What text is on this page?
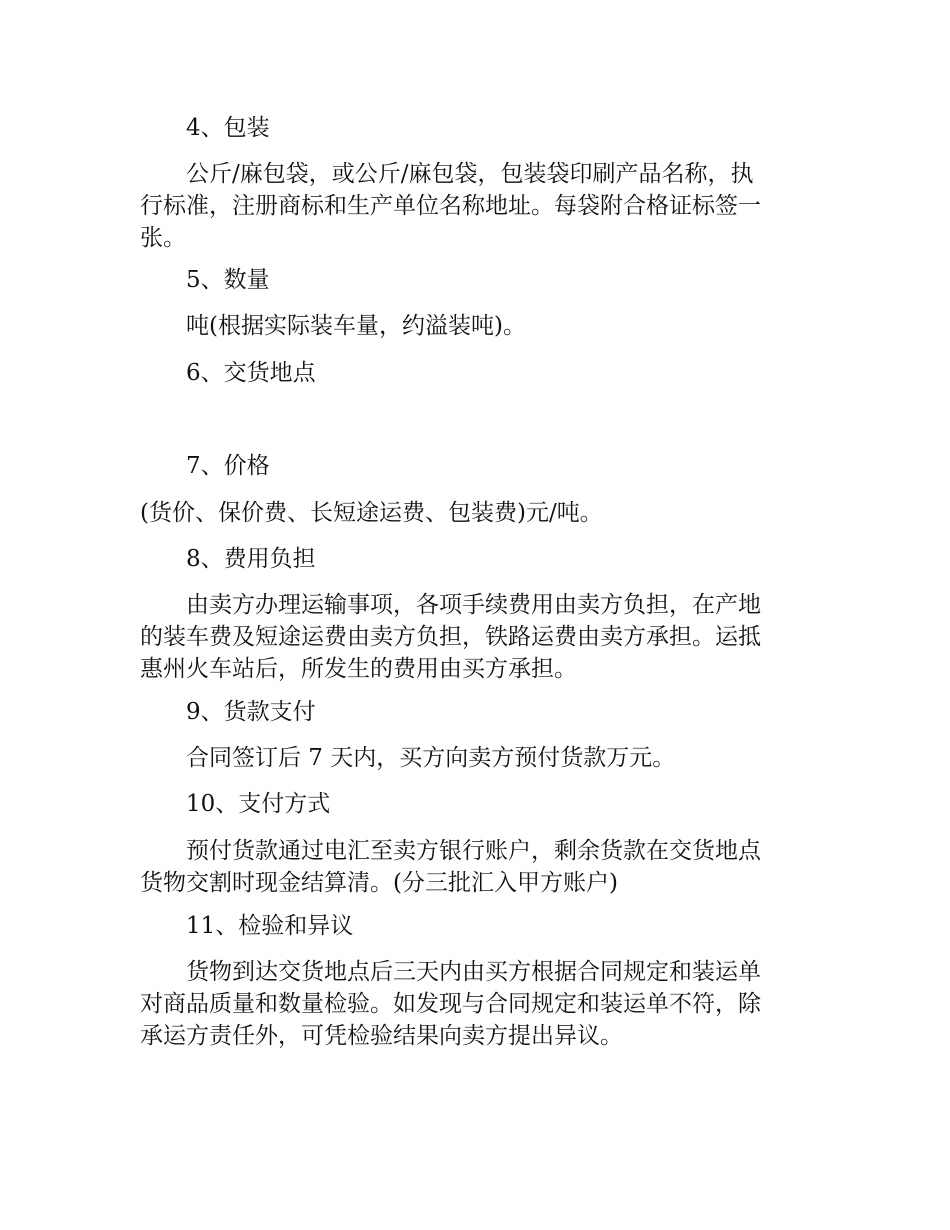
4、包装

公斤/麻包袋，或公斤/麻包袋，包装袋印刷产品名称，执

行标准，注册商标和生产单位名称地址。每袋附合格证标签一

张。

5、数量

吨(根据实际装车量，约溢装吨)。

6、交货地点

7、价格

(货价、保价费、长短途运费、包装费)元/吨。

8、费用负担

由卖方办理运输事项，各项手续费用由卖方负担，在产地

的装车费及短途运费由卖方负担，铁路运费由卖方承担。运抵

惠州火车站后，所发生的费用由买方承担。

9、货款支付

合同签订后 7 天内，买方向卖方预付货款万元。

10、支付方式

预付货款通过电汇至卖方银行账户，剩余货款在交货地点

货物交割时现金结算清。(分三批汇入甲方账户)

11、检验和异议

货物到达交货地点后三天内由买方根据合同规定和装运单

对商品质量和数量检验。如发现与合同规定和装运单不符，除

承运方责任外，可凭检验结果向卖方提出异议。
